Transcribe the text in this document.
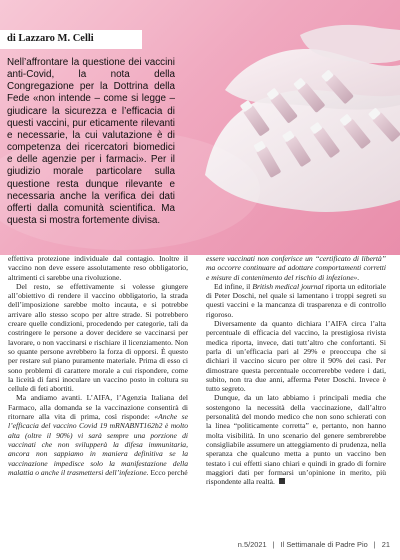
di Lazzaro M. Celli

Nell’affrontare la questione dei vaccini anti-Covid, la nota della Congregazione per la Dottrina della Fede «non intende – come si legge – giudicare la sicurezza e l’efficacia di questi vaccini, pur eticamente rilevanti e necessarie, la cui valutazione è di competenza dei ricercatori biomedici e delle agenzie per i farmaci». Per il giudizio morale particolare sulla questione resta dunque rilevante e necessaria anche la verifica dei dati offerti dalla comunità scientifica. Ma questa si mostra fortemente divisa.

effettiva protezione individuale dal contagio. Inoltre il vaccino non deve essere assolutamente reso obbligatorio, altrimenti ci sarebbe una rivoluzione.

Del resto, se effettivamente si volesse giungere all’obiettivo di rendere il vaccino obbligatorio, la strada dell’imposizione sarebbe molto incauta, e si potrebbe arrivare allo stesso scopo per altre strade. Si potrebbero creare quelle condizioni, procedendo per categorie, tali da costringere le persone a dover decidere se vaccinarsi per lavorare, o non vaccinarsi e rischiare il licenziamento. Non so quante persone avrebbero la forza di opporsi. È questo per restare sul piano puramente materiale. Prima di esso ci sono problemi di carattere morale a cui rispondere, come la liceità di farsi inoculare un vaccino posto in coltura su cellule di feti abortiti.

Ma andiamo avanti. L’AIFA, l’Agenzia Italiana del Farmaco, alla domanda se la vaccinazione consentirà di ritornare alla vita di prima, così risponde: «Anche se l’efficacia del vaccino Covid 19 mRNABNT162b2 è molto alta (oltre il 90%) vi sarà sempre una porzione di vaccinati che non svilupperà la difesa immunitaria, ancora non sappiamo in maniera definitiva se la vaccinazione impedisce solo la manifestazione della malattia o anche il trasmettersi dell’infezione. Ecco perché

essere vaccinati non conferisce un “certificato di libertà” ma occorre continuare ad adottare comportamenti corretti e misure di contenimento del rischio di infezione».

Ed infine, il British medical journal riporta un editoriale di Peter Doschi, nel quale si lamentano i troppi segreti su questi vaccini e la mancanza di trasparenza e di controllo rigoroso.

Diversamente da quanto dichiara l’AIFA circa l’alta percentuale di efficacia del vaccino, la prestigiosa rivista medica riporta, invece, dati tutt’altro che confortanti. Si parla di un’efficacia pari al 29% e preoccupa che si dichiari il vaccino sicuro per oltre il 90% dei casi. Per dimostrare questa percentuale occorrerebbe vedere i dati, subito, non tra due anni, afferma Peter Doschi. Invece è tutto segreto.

Dunque, da un lato abbiamo i principali media che sostengono la necessità della vaccinazione, dall’altro personalità del mondo medico che non sono schierati con la linea “politicamente corretta” e, pertanto, non hanno molta visibilità. In uno scenario del genere sembrerebbe consigliabile assumere un atteggiamento di prudenza, nella speranza che qualcuno metta a punto un vaccino ben testato i cui effetti siano chiari e quindi in grado di fornire maggiori dati per formarsi un’opinione in merito, più rispondente alla realtà.

n.5/2021 | Il Settimanale di Padre Pio | 21
